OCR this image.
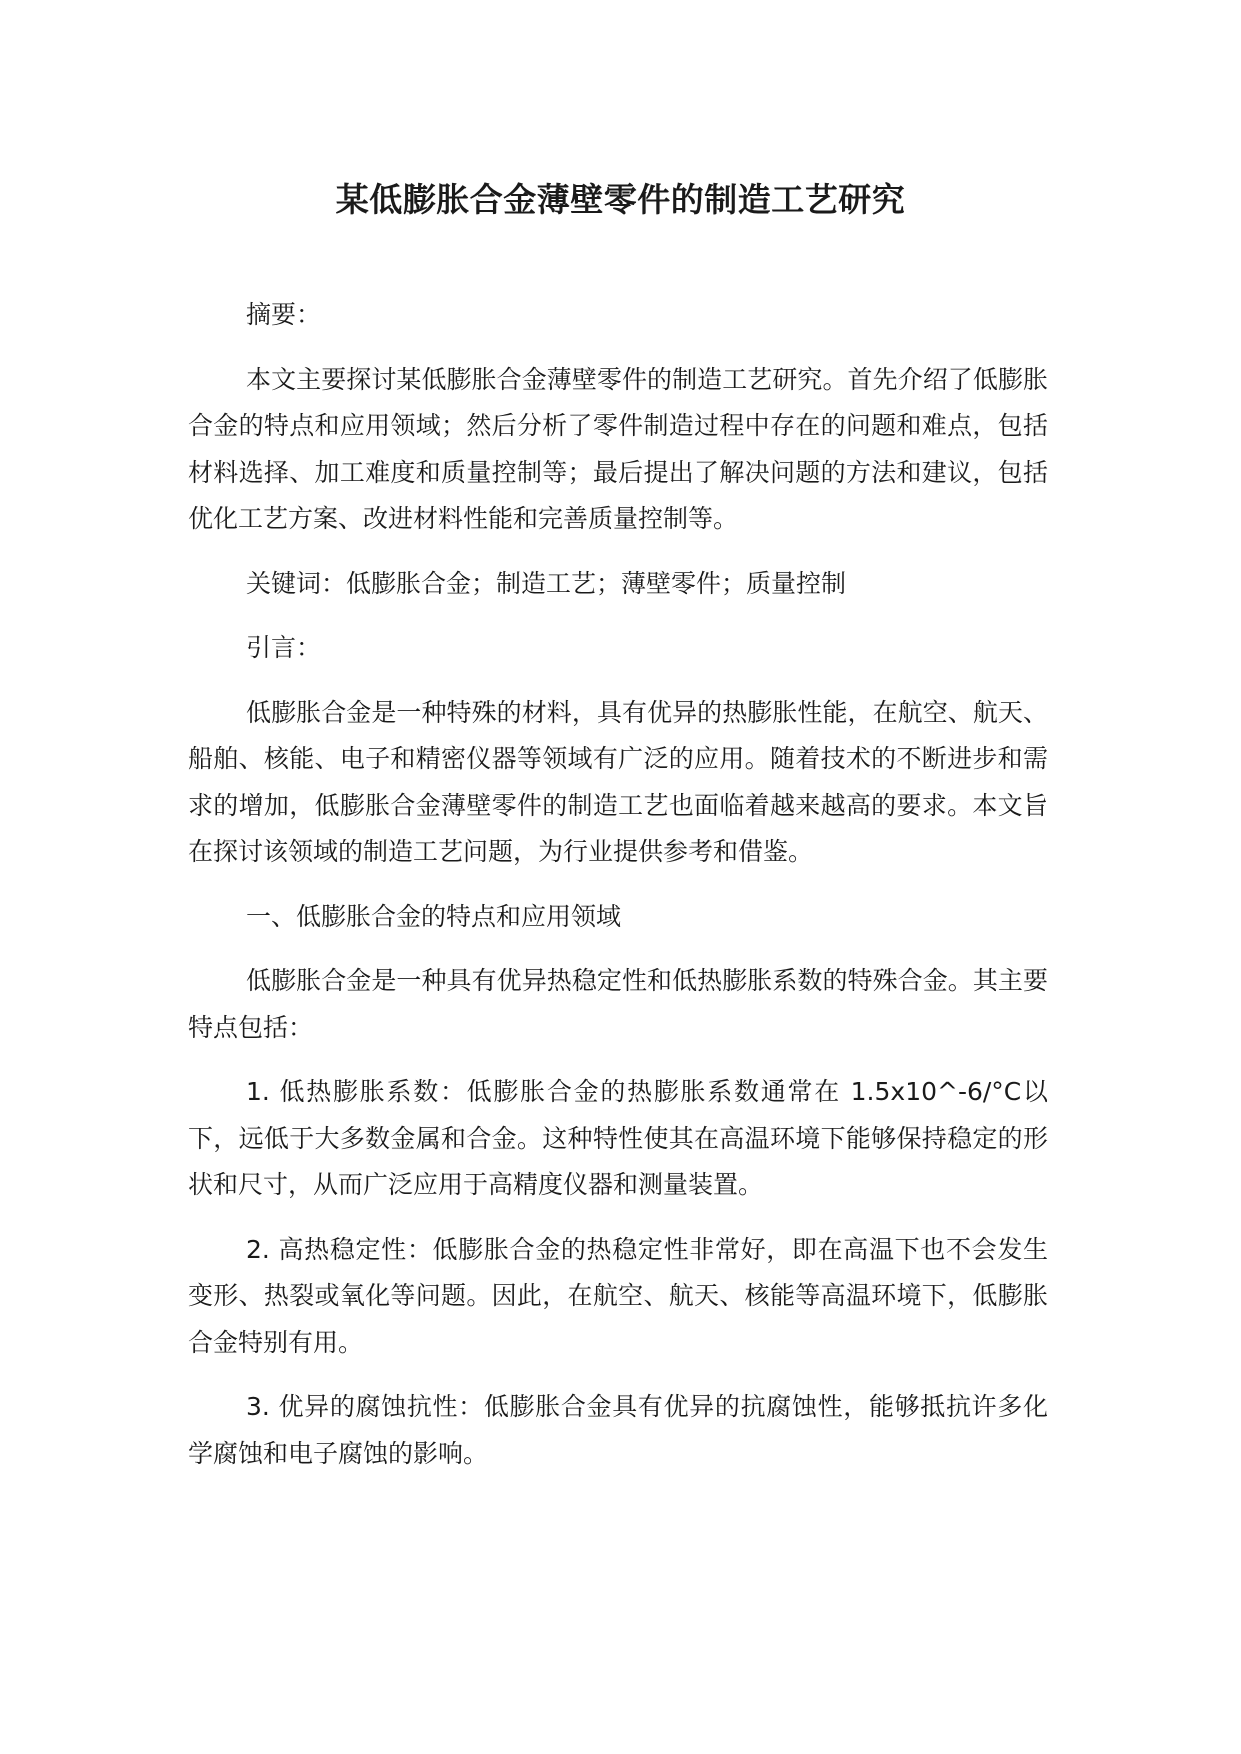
某低膨胀合金薄壁零件的制造工艺研究

摘要：

本文主要探讨某低膨胀合金薄壁零件的制造工艺研究。首先介绍了低膨胀合金的特点和应用领域；然后分析了零件制造过程中存在的问题和难点，包括材料选择、加工难度和质量控制等；最后提出了解决问题的方法和建议，包括优化工艺方案、改进材料性能和完善质量控制等。

关键词：低膨胀合金；制造工艺；薄壁零件；质量控制

引言：

低膨胀合金是一种特殊的材料，具有优异的热膨胀性能，在航空、航天、船舶、核能、电子和精密仪器等领域有广泛的应用。随着技术的不断进步和需求的增加，低膨胀合金薄壁零件的制造工艺也面临着越来越高的要求。本文旨在探讨该领域的制造工艺问题，为行业提供参考和借鉴。

一、低膨胀合金的特点和应用领域

低膨胀合金是一种具有优异热稳定性和低热膨胀系数的特殊合金。其主要特点包括：

1. 低热膨胀系数：低膨胀合金的热膨胀系数通常在 1.5x10^-6/°C以下，远低于大多数金属和合金。这种特性使其在高温环境下能够保持稳定的形状和尺寸，从而广泛应用于高精度仪器和测量装置。

2. 高热稳定性：低膨胀合金的热稳定性非常好，即在高温下也不会发生变形、热裂或氧化等问题。因此，在航空、航天、核能等高温环境下，低膨胀合金特别有用。

3. 优异的腐蚀抗性：低膨胀合金具有优异的抗腐蚀性，能够抵抗许多化学腐蚀和电子腐蚀的影响。
